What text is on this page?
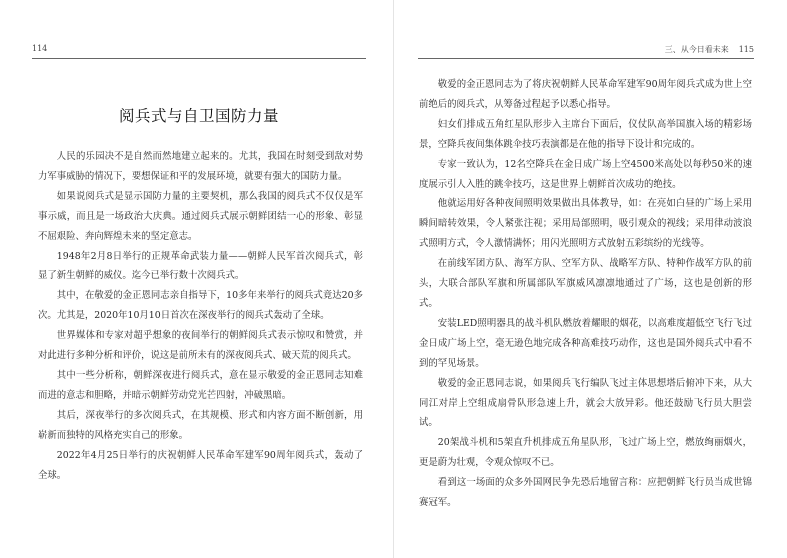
114
阅兵式与自卫国防力量

人民的乐园决不是自然而然地建立起来的。尤其，我国在时刻受到敌对势力军事威胁的情况下，要想保证和平的发展环境，就要有强大的国防力量。

如果说阅兵式是显示国防力量的主要契机，那么我国的阅兵式不仅仅是军事示威，而且是一场政治大庆典。通过阅兵式展示朝鲜团结一心的形象、彰显不屈艰险、奔向辉煌未来的坚定意志。

1948年2月8日举行的正规革命武装力量——朝鲜人民军首次阅兵式，彰显了新生朝鲜的威仪。迄今已举行数十次阅兵式。

其中，在敬爱的金正恩同志亲自指导下，10多年来举行的阅兵式竟达20多次。尤其是，2020年10月10日首次在深夜举行的阅兵式轰动了全球。

世界媒体和专家对超乎想象的夜间举行的朝鲜阅兵式表示惊叹和赞赏，并对此进行多种分析和评价，说这是前所未有的深夜阅兵式、破天荒的阅兵式。

其中一些分析称，朝鲜深夜进行阅兵式，意在显示敬爱的金正恩同志知难而进的意志和胆略，并暗示朝鲜劳动党光芒四射，冲破黑暗。

其后，深夜举行的多次阅兵式，在其规模、形式和内容方面不断创新，用崭新而独特的风格充实自己的形象。

2022年4月25日举行的庆祝朝鲜人民革命军建军90周年阅兵式，轰动了全球。

三、从今日看未来 115

敬爱的金正恩同志为了将庆祝朝鲜人民革命军建军90周年阅兵式成为世上空前绝后的阅兵式，从筹备过程起予以悉心指导。

妇女们排成五角红星队形步入主席台下面后，仪仗队高举国旗入场的精彩场景，空降兵夜间集体跳伞技巧表演都是在他的指导下设计和完成的。

专家一致认为，12名空降兵在金日成广场上空4500米高处以每秒50米的速度展示引人入胜的跳伞技巧，这是世界上朝鲜首次成功的绝技。

他就运用好各种夜间照明效果做出具体教导，如：在亮如白昼的广场上采用瞬间暗转效果，令人紧张注视；采用局部照明，吸引观众的视线；采用律动波浪式照明方式，令人激情满怀；用闪光照明方式放射五彩缤纷的光线等。

在前线军团方队、海军方队、空军方队、战略军方队、特种作战军方队的前头，大联合部队军旗和所属部队军旗威风凛凛地通过了广场，这也是创新的形式。

安装LED照明器具的战斗机队燃放着耀眼的烟花，以高难度超低空飞行飞过金日成广场上空，毫无逊色地完成各种高难技巧动作，这也是国外阅兵式中看不到的罕见场景。

敬爱的金正恩同志说，如果阅兵飞行编队飞过主体思想塔后俯冲下来，从大同江对岸上空组成扇骨队形急速上升，就会大放异彩。他还鼓励飞行员大胆尝试。

20架战斗机和5架直升机排成五角星队形，飞过广场上空，燃放绚丽烟火，更是蔚为壮观，令观众惊叹不已。

看到这一场面的众多外国网民争先恐后地留言称：应把朝鲜飞行员当成世锦赛冠军。
